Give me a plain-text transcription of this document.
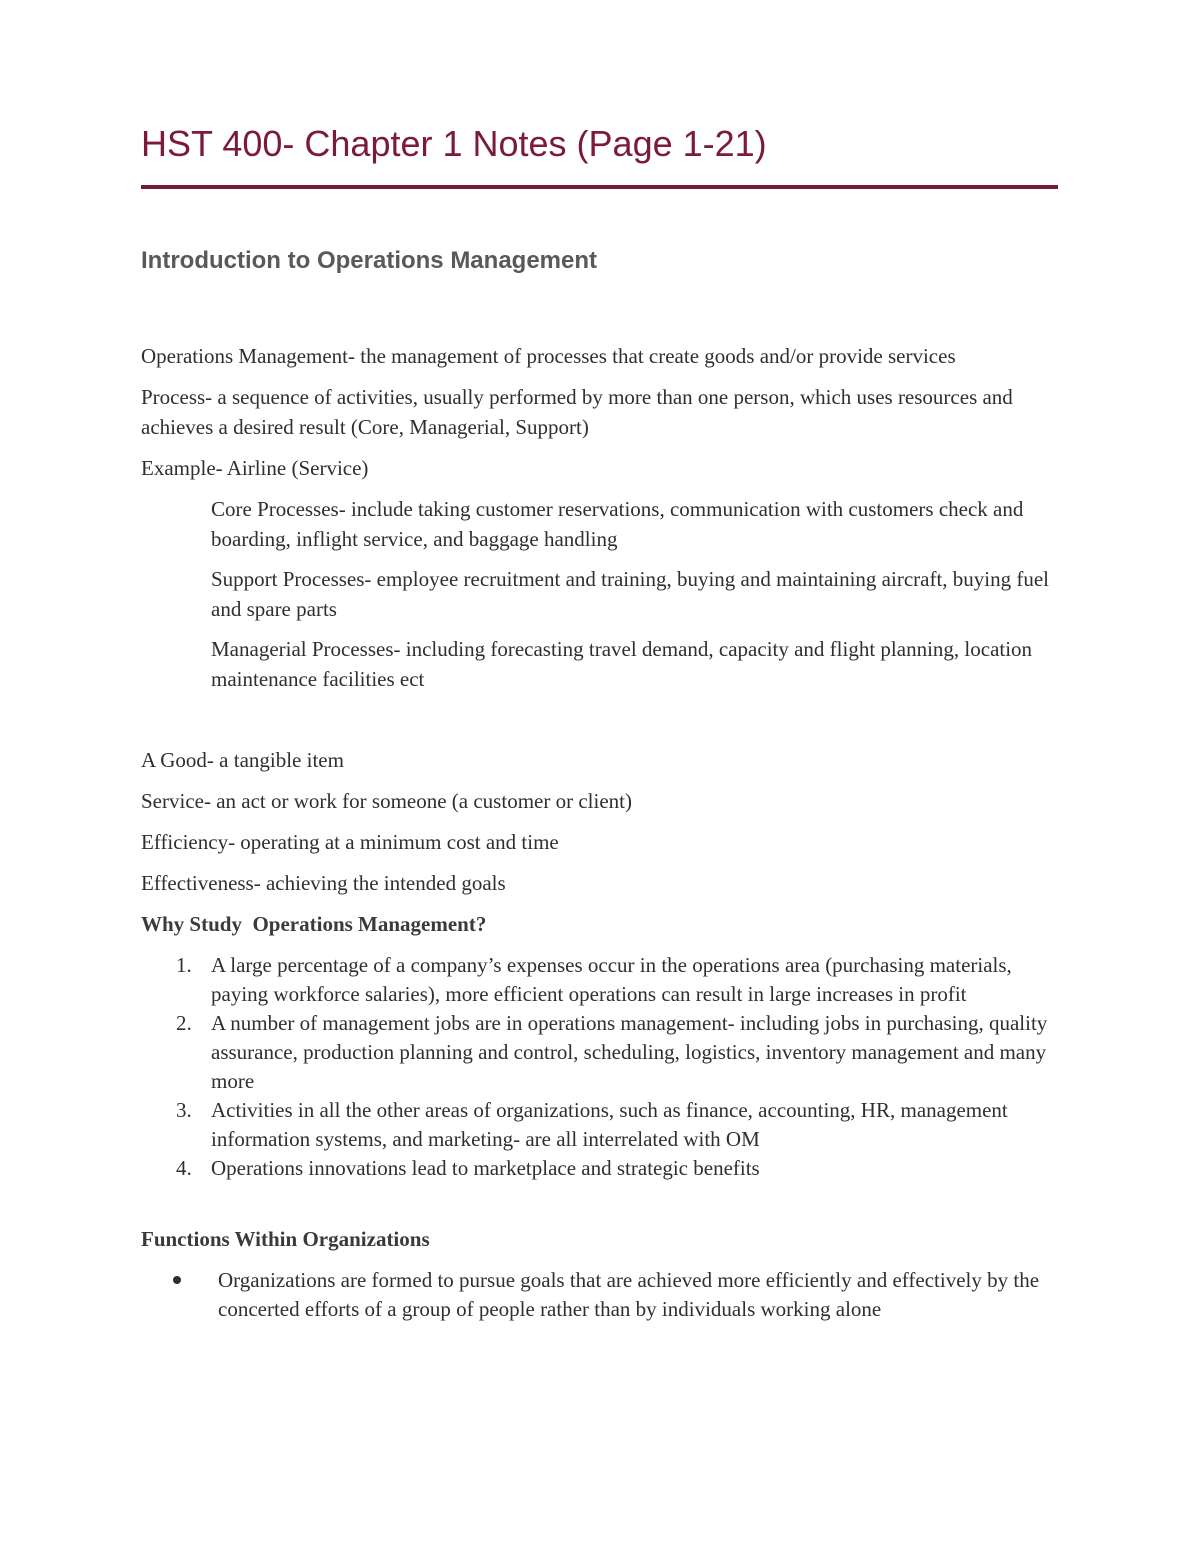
HST 400- Chapter 1 Notes (Page 1-21)
Introduction to Operations Management

Operations Management- the management of processes that create goods and/or provide services

Process- a sequence of activities, usually performed by more than one person, which uses resources and achieves a desired result (Core, Managerial, Support)

Example- Airline (Service)

Core Processes- include taking customer reservations, communication with customers check and boarding, inflight service, and baggage handling

Support Processes- employee recruitment and training, buying and maintaining aircraft, buying fuel and spare parts

Managerial Processes- including forecasting travel demand, capacity and flight planning, location maintenance facilities ect

A Good- a tangible item

Service- an act or work for someone (a customer or client)

Efficiency- operating at a minimum cost and time

Effectiveness- achieving the intended goals

Why Study  Operations Management?

1. A large percentage of a company’s expenses occur in the operations area (purchasing materials, paying workforce salaries), more efficient operations can result in large increases in profit
2. A number of management jobs are in operations management- including jobs in purchasing, quality assurance, production planning and control, scheduling, logistics, inventory management and many more
3. Activities in all the other areas of organizations, such as finance, accounting, HR, management information systems, and marketing- are all interrelated with OM
4. Operations innovations lead to marketplace and strategic benefits

Functions Within Organizations

Organizations are formed to pursue goals that are achieved more efficiently and effectively by the concerted efforts of a group of people rather than by individuals working alone
